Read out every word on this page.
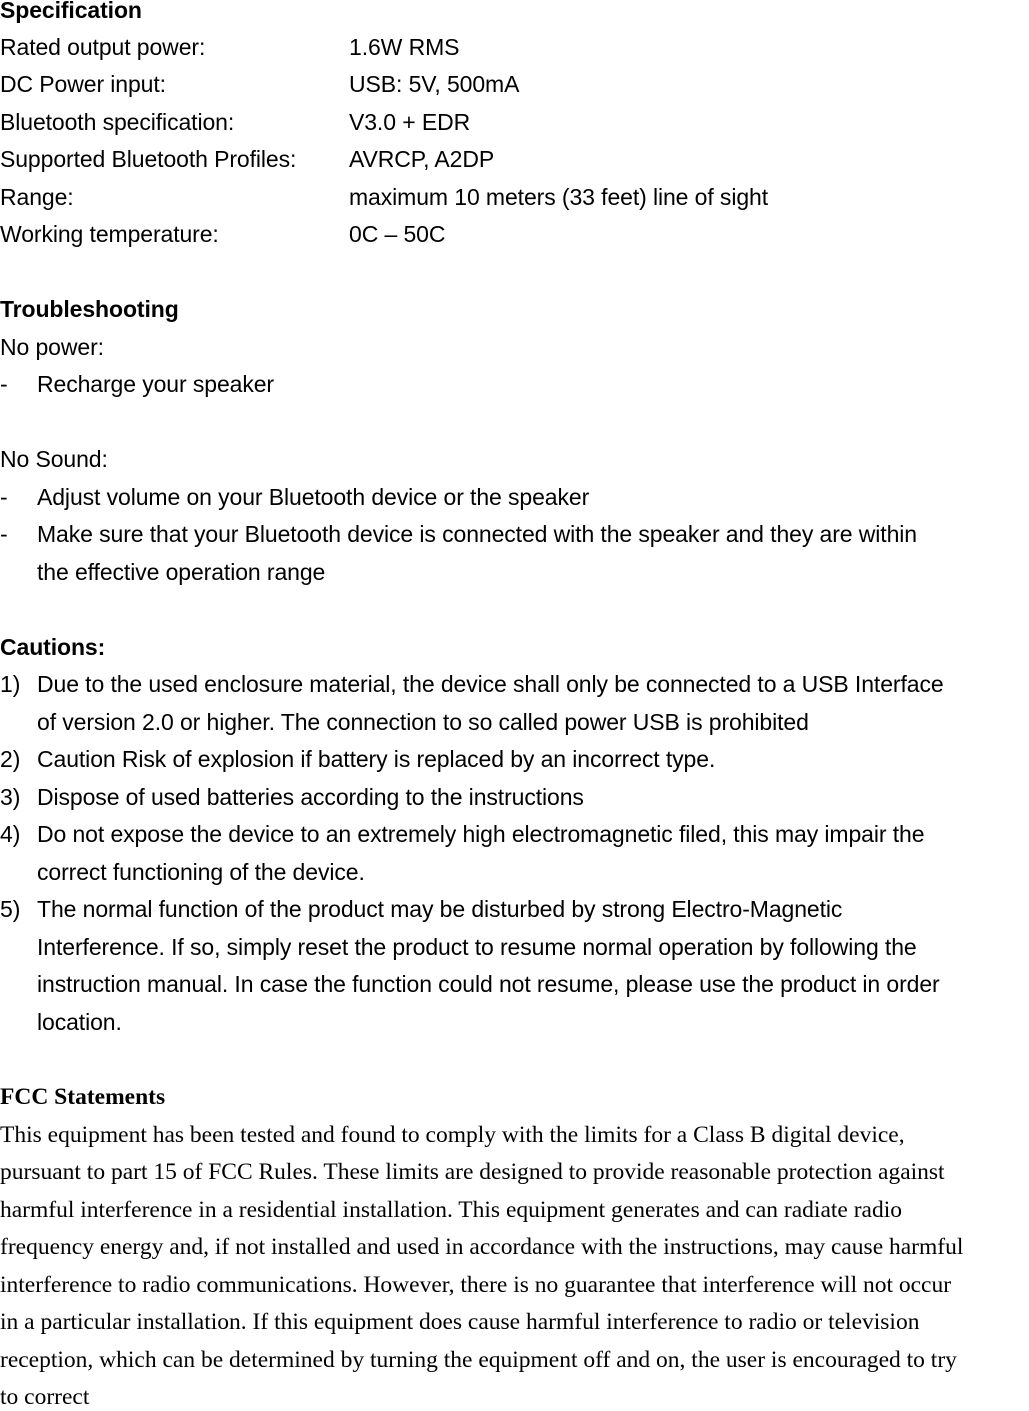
Specification
Rated output power:	1.6W RMS
DC Power input:	USB: 5V, 500mA
Bluetooth specification:	V3.0 + EDR
Supported Bluetooth Profiles: AVRCP, A2DP
Range:	maximum 10 meters (33 feet) line of sight
Working temperature:	0C – 50C
Troubleshooting
No power:
- Recharge your speaker
No Sound:
- Adjust volume on your Bluetooth device or the speaker
- Make sure that your Bluetooth device is connected with the speaker and they are within
the effective operation range
Cautions:
1) Due to the used enclosure material, the device shall only be connected to a USB Interface
of version 2.0 or higher. The connection to so called power USB is prohibited
2) Caution Risk of explosion if battery is replaced by an incorrect type.
3) Dispose of used batteries according to the instructions
4) Do not expose the device to an extremely high electromagnetic filed, this may impair the
correct functioning of the device.
5) The normal function of the product may be disturbed by strong Electro-Magnetic
Interference. If so, simply reset the product to resume normal operation by following the
instruction manual. In case the function could not resume, please use the product in order
location.
FCC Statements
This equipment has been tested and found to comply with the limits for a Class B digital device,
pursuant to part 15 of FCC Rules. These limits are designed to provide reasonable protection against
harmful interference in a residential installation. This equipment generates and can radiate radio
frequency energy and, if not installed and used in accordance with the instructions, may cause harmful
interference to radio communications. However, there is no guarantee that interference will not occur
in a particular installation. If this equipment does cause harmful interference to radio or television
reception, which can be determined by turning the equipment off and on, the user is encouraged to try
to correct
